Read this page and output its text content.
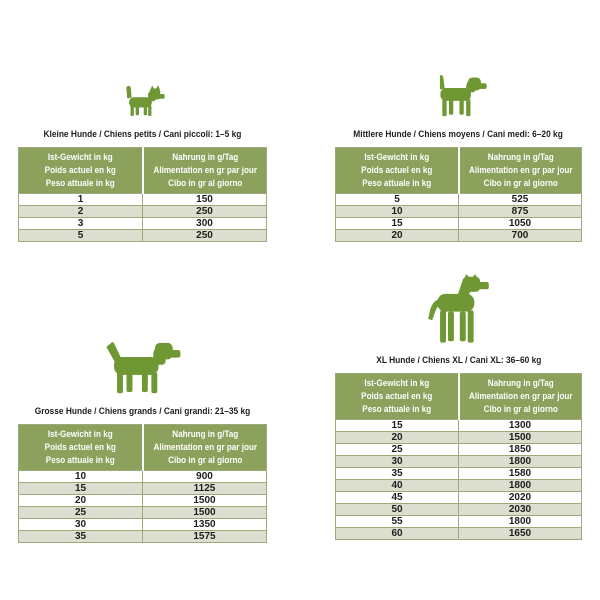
Kleine Hunde / Chiens petits / Cani piccoli: 1–5 kg
Ist-Gewicht in kg
Poids actuel en kg
Peso attuale in kg

Nahrung in g/Tag
Alimentation en gr par jour
Cibo in gr al giorno

1	150
2	250
3	300
5	250
Mittlere Hunde / Chiens moyens / Cani medi: 6–20 kg
Ist-Gewicht in kg
Poids actuel en kg
Peso attuale in kg

Nahrung in g/Tag
Alimentation en gr par jour
Cibo in gr al giorno

5	525
10	875
15	1050
20	700
Grosse Hunde / Chiens grands / Cani grandi: 21–35 kg
Ist-Gewicht in kg
Poids actuel en kg
Peso attuale in kg

Nahrung in g/Tag
Alimentation en gr par jour
Cibo in gr al giorno

10	900
15	1125
20	1500
25	1500
30	1350
35	1575
XL Hunde / Chiens XL / Cani XL: 36–60 kg
Ist-Gewicht in kg
Poids actuel en kg
Peso attuale in kg

Nahrung in g/Tag
Alimentation en gr par jour
Cibo in gr al giorno

15	1300
20	1500
25	1850
30	1800
35	1580
40	1800
45	2020
50	2030
55	1800
60	1650
